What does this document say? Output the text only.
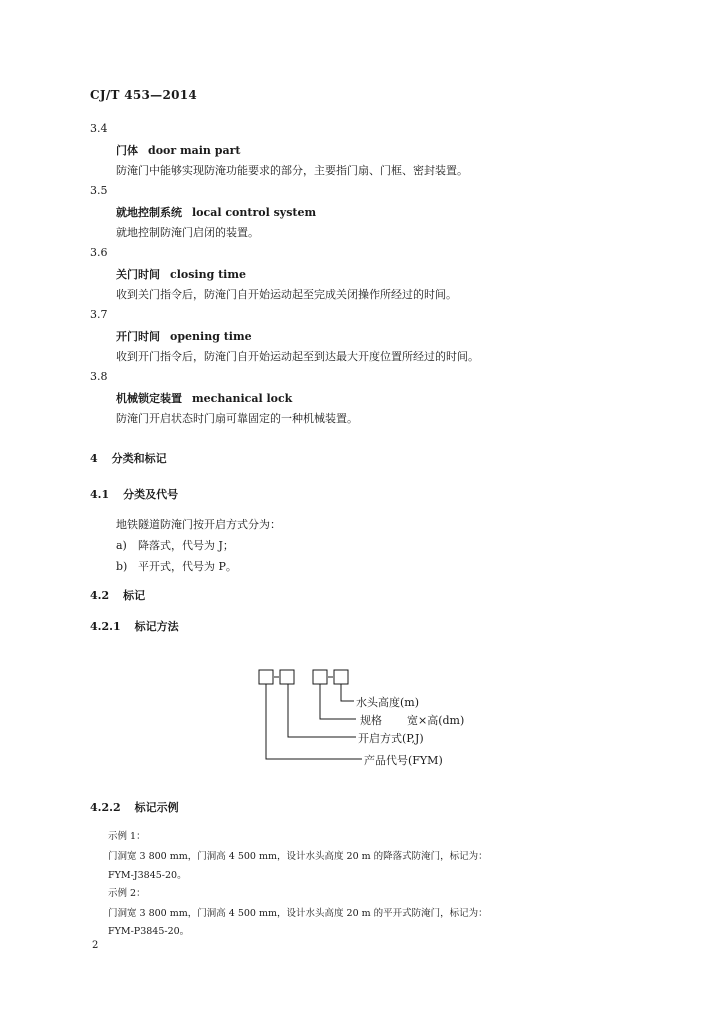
CJ/T 453—2014
3.4
门体 door main part
防淹门中能够实现防淹功能要求的部分，主要指门扇、门框、密封装置。
3.5
就地控制系统 local control system
就地控制防淹门启闭的装置。
3.6
关门时间 closing time
收到关门指令后，防淹门自开始运动起至完成关闭操作所经过的时间。
3.7
开门时间 opening time
收到开门指令后，防淹门自开始运动起至到达最大开度位置所经过的时间。
3.8
机械锁定装置 mechanical lock
防淹门开启状态时门扇可靠固定的一种机械装置。
4 分类和标记
4.1 分类及代号
地铁隧道防淹门按开启方式分为：
a) 降落式，代号为 J；
b) 平开式，代号为 P。
4.2 标记
4.2.1 标记方法
水头高度(m)
规格 宽×高(dm)
开启方式(P,J)
产品代号(FYM)
4.2.2 标记示例
示例 1：
门洞宽 3 800 mm，门洞高 4 500 mm，设计水头高度 20 m 的降落式防淹门，标记为：
FYM-J3845-20。
示例 2：
门洞宽 3 800 mm，门洞高 4 500 mm，设计水头高度 20 m 的平开式防淹门，标记为：
FYM-P3845-20。
2
